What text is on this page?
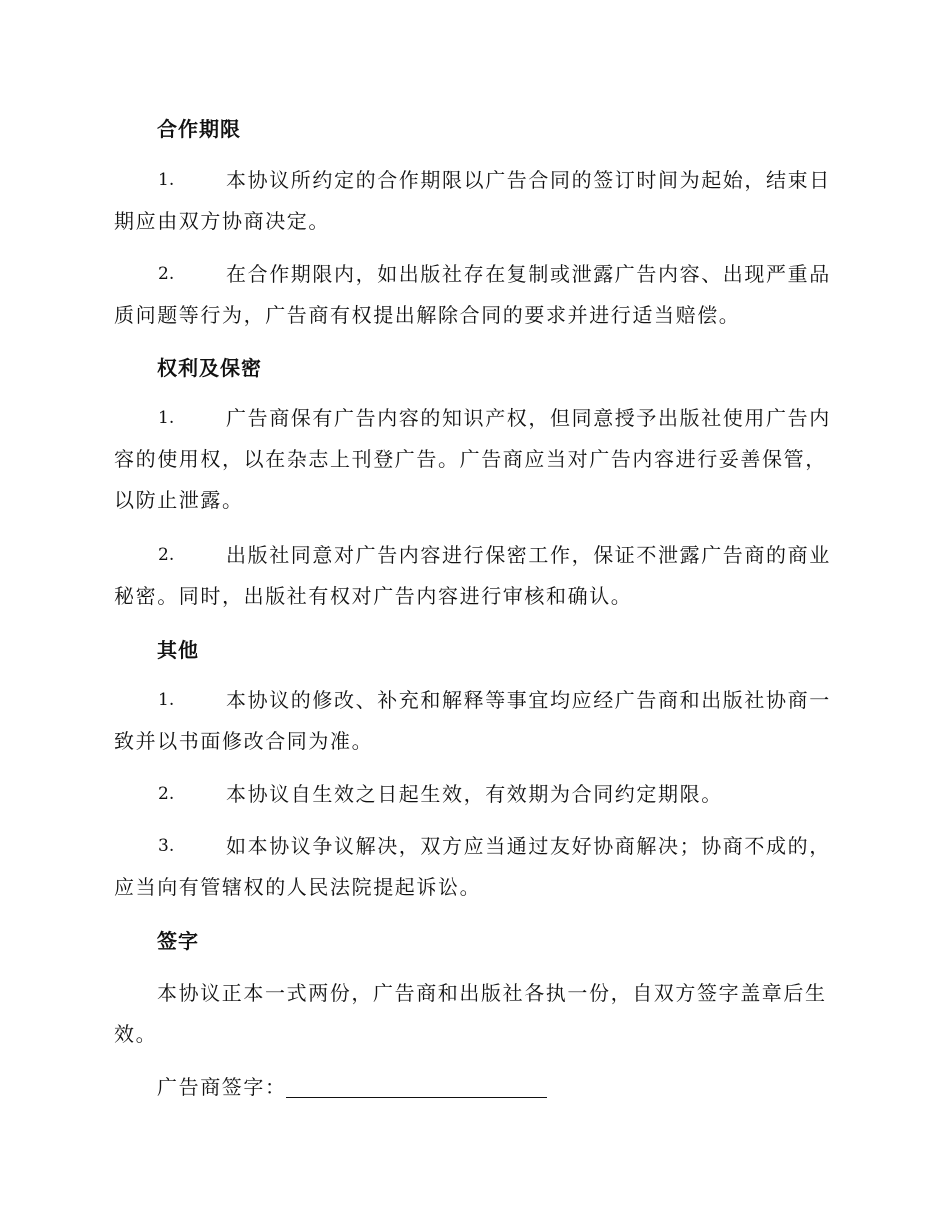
合作期限
1.	本协议所约定的合作期限以广告合同的签订时间为起始，结束日
期应由双方协商决定。
2.	在合作期限内，如出版社存在复制或泄露广告内容、出现严重品
质问题等行为，广告商有权提出解除合同的要求并进行适当赔偿。
权利及保密
1.	广告商保有广告内容的知识产权，但同意授予出版社使用广告内
容的使用权，以在杂志上刊登广告。广告商应当对广告内容进行妥善保管，
以防止泄露。
2.	出版社同意对广告内容进行保密工作，保证不泄露广告商的商业
秘密。同时，出版社有权对广告内容进行审核和确认。
其他
1.	本协议的修改、补充和解释等事宜均应经广告商和出版社协商一
致并以书面修改合同为准。
2.	本协议自生效之日起生效，有效期为合同约定期限。
3.	如本协议争议解决，双方应当通过友好协商解决；协商不成的，
应当向有管辖权的人民法院提起诉讼。
签字
本协议正本一式两份，广告商和出版社各执一份，自双方签字盖章后生
效。
广告商签字：
